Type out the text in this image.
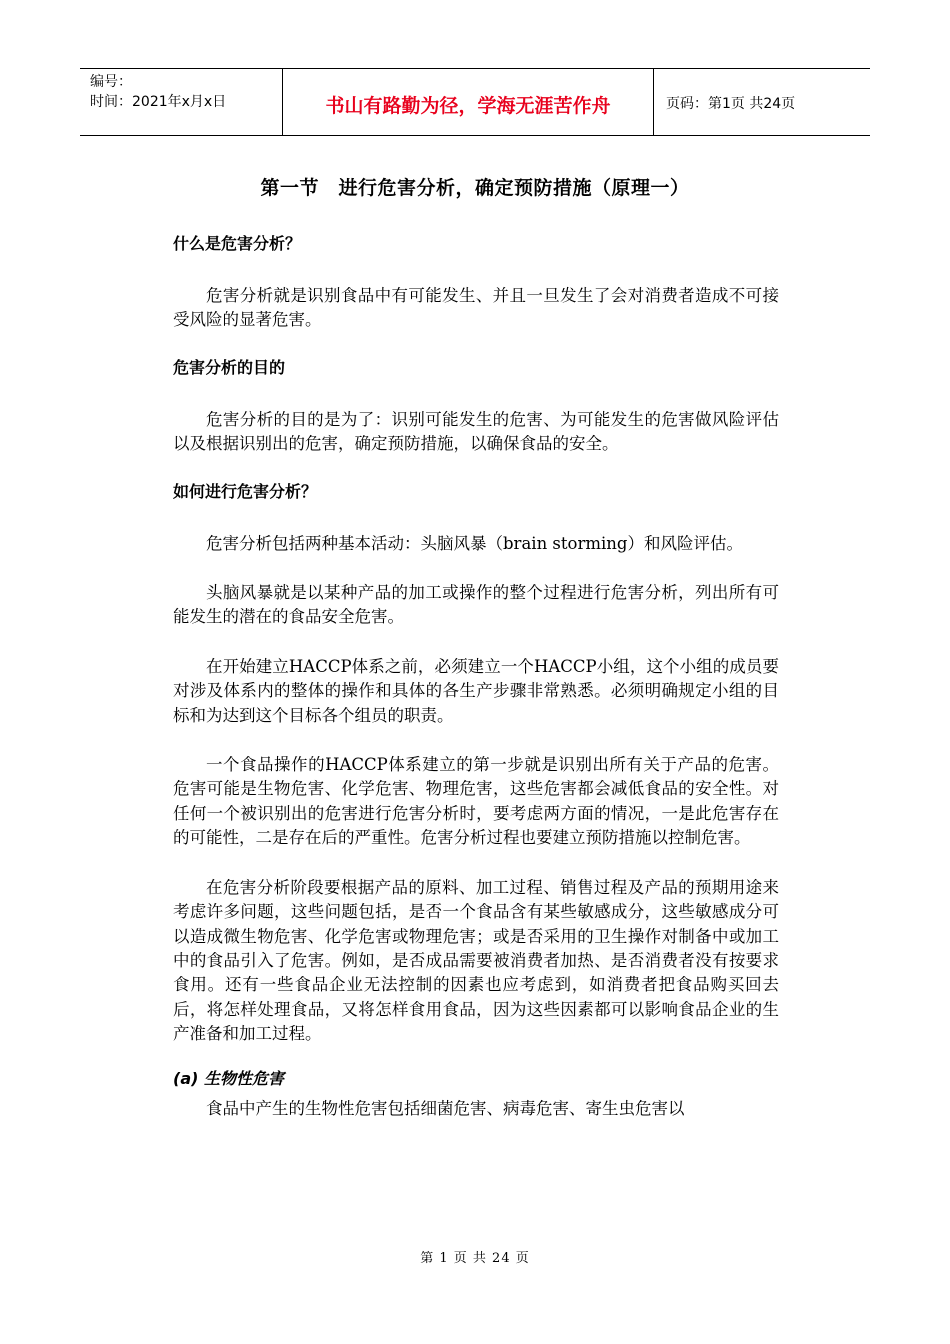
编号：
时间：2021年x月x日	书山有路勤为径，学海无涯苦作舟	页码：第1页 共24页
第一节　进行危害分析，确定预防措施（原理一）

什么是危害分析？

危害分析就是识别食品中有可能发生、并且一旦发生了会对消费者造成不可接受风险的显著危害。

危害分析的目的

危害分析的目的是为了：识别可能发生的危害、为可能发生的危害做风险评估以及根据识别出的危害，确定预防措施，以确保食品的安全。

如何进行危害分析？

危害分析包括两种基本活动：头脑风暴（brain storming）和风险评估。

头脑风暴就是以某种产品的加工或操作的整个过程进行危害分析，列出所有可能发生的潜在的食品安全危害。

在开始建立HACCP体系之前，必须建立一个HACCP小组，这个小组的成员要对涉及体系内的整体的操作和具体的各生产步骤非常熟悉。必须明确规定小组的目标和为达到这个目标各个组员的职责。

一个食品操作的HACCP体系建立的第一步就是识别出所有关于产品的危害。危害可能是生物危害、化学危害、物理危害，这些危害都会减低食品的安全性。对任何一个被识别出的危害进行危害分析时，要考虑两方面的情况，一是此危害存在的可能性，二是存在后的严重性。危害分析过程也要建立预防措施以控制危害。

在危害分析阶段要根据产品的原料、加工过程、销售过程及产品的预期用途来考虑许多问题，这些问题包括，是否一个食品含有某些敏感成分，这些敏感成分可以造成微生物危害、化学危害或物理危害；或是否采用的卫生操作对制备中或加工中的食品引入了危害。例如，是否成品需要被消费者加热、是否消费者没有按要求食用。还有一些食品企业无法控制的因素也应考虑到，如消费者把食品购买回去后，将怎样处理食品，又将怎样食用食品，因为这些因素都可以影响食品企业的生产准备和加工过程。

(a) 生物性危害

食品中产生的生物性危害包括细菌危害、病毒危害、寄生虫危害以

第 1 页 共 24 页
